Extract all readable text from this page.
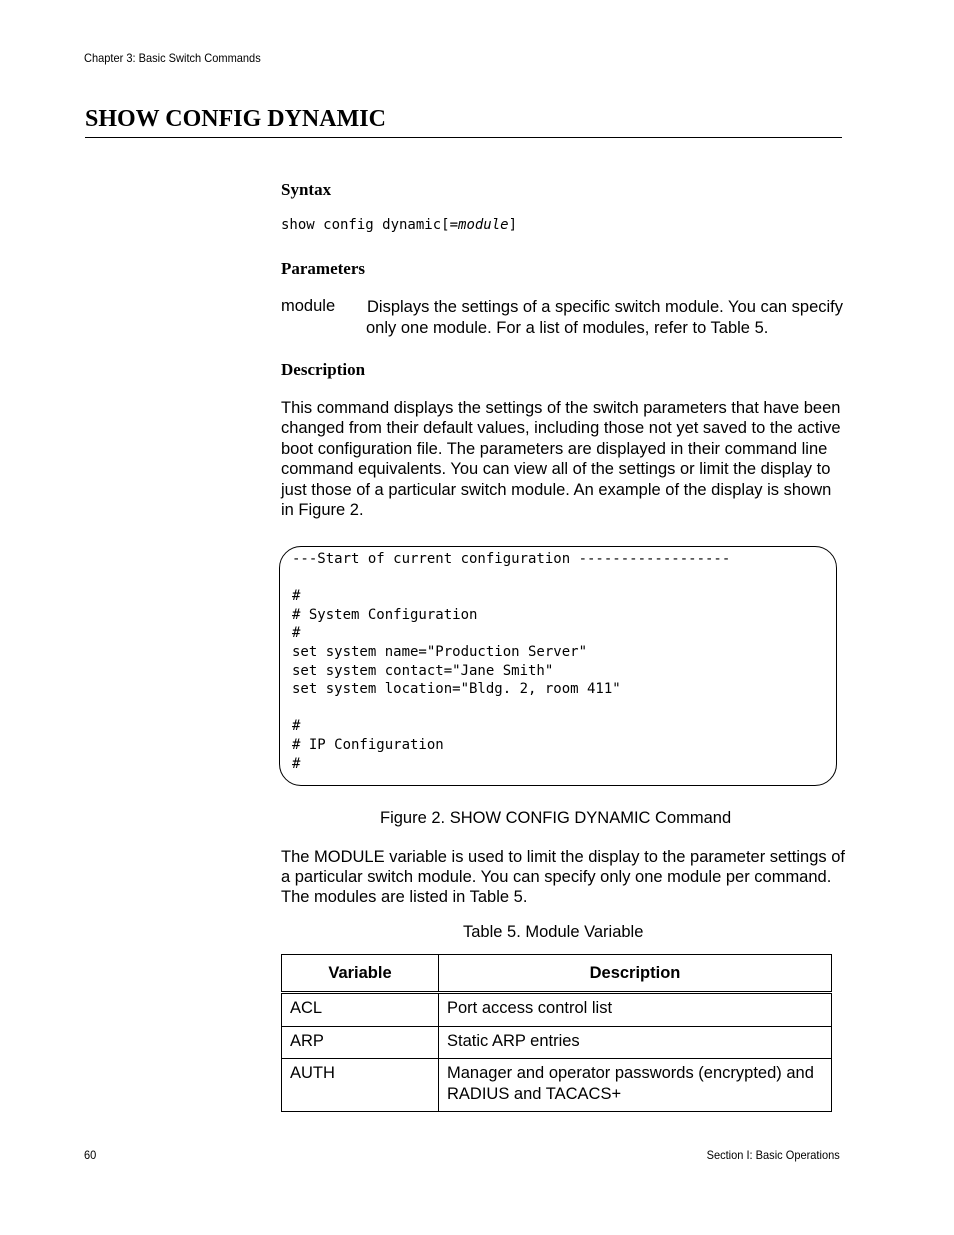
Chapter 3: Basic Switch Commands
SHOW CONFIG DYNAMIC
Syntax
show config dynamic[=module]
Parameters
module Displays the settings of a specific switch module. You can specify only one module. For a list of modules, refer to Table 5.
Description

This command displays the settings of the switch parameters that have been changed from their default values, including those not yet saved to the active boot configuration file. The parameters are displayed in their command line command equivalents. You can view all of the settings or limit the display to just those of a particular switch module. An example of the display is shown in Figure 2.

---Start of current configuration ------------------

#
# System Configuration
#
set system name="Production Server"
set system contact="Jane Smith"
set system location="Bldg. 2, room 411"

#
# IP Configuration
#
Figure 2. SHOW CONFIG DYNAMIC Command

The MODULE variable is used to limit the display to the parameter settings of a particular switch module. You can specify only one module per command. The modules are listed in Table 5.

Table 5. Module Variable
Variable	Description
ACL	Port access control list
ARP	Static ARP entries
AUTH	Manager and operator passwords (encrypted) and RADIUS and TACACS+
60	Section I: Basic Operations
